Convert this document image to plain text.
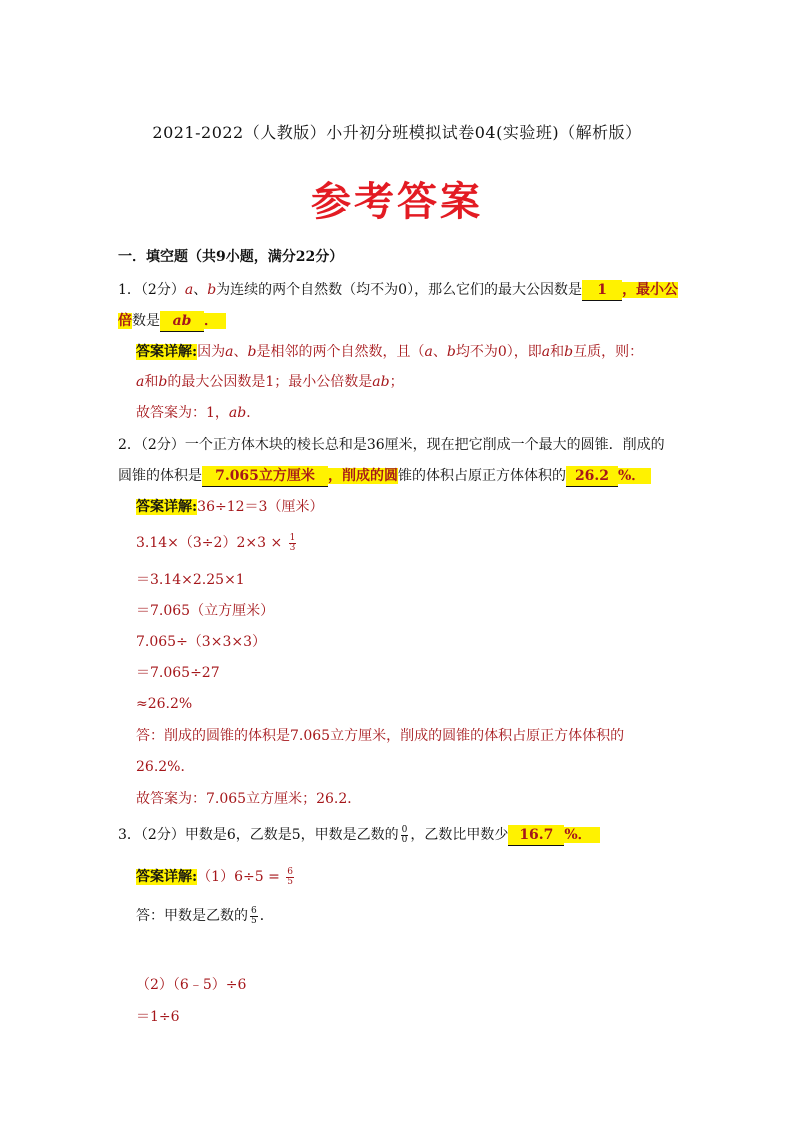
2021-2022（人教版）小升初分班模拟试卷04(实验班)（解析版）
参考答案
一．填空题（共9小题，满分22分）
1．（2分）a、b为连续的两个自然数（均不为0），那么它们的最大公因数是 1 ，最小公
倍数是 ab ．
答案详解:因为a、b是相邻的两个自然数，且（a、b均不为0），即a和b互质，则：
a和b的最大公因数是1；最小公倍数是ab；
故答案为：1，ab．
2．（2分）一个正方体木块的棱长总和是36厘米，现在把它削成一个最大的圆锥．削成的
圆锥的体积是 7.065立方厘米 ，削成的圆锥的体积占原正方体体积的 26.2 %．
答案详解:36÷12＝3（厘米）
$3.14\times(3\div 2)2\times 3 \times \frac{1}{3}$
＝3.14×2.25×1
＝7.065（立方厘米）
7.065÷（3×3×3）
＝7.065÷27
≈26.2%
答：削成的圆锥的体积是7.065立方厘米，削成的圆锥的体积占原正方体体积的
26.2%．
故答案为：7.065立方厘米；26.2．
3．（2分）甲数是6，乙数是5，甲数是乙数的 $\frac{0}{0}$ ，乙数比甲数少 16.7 %．
答案详解:（1）6÷5 = $\frac{6}{5}$
答：甲数是乙数的 $\frac{6}{5}$ ．
（2）（6﹣5）÷6
＝1÷6
